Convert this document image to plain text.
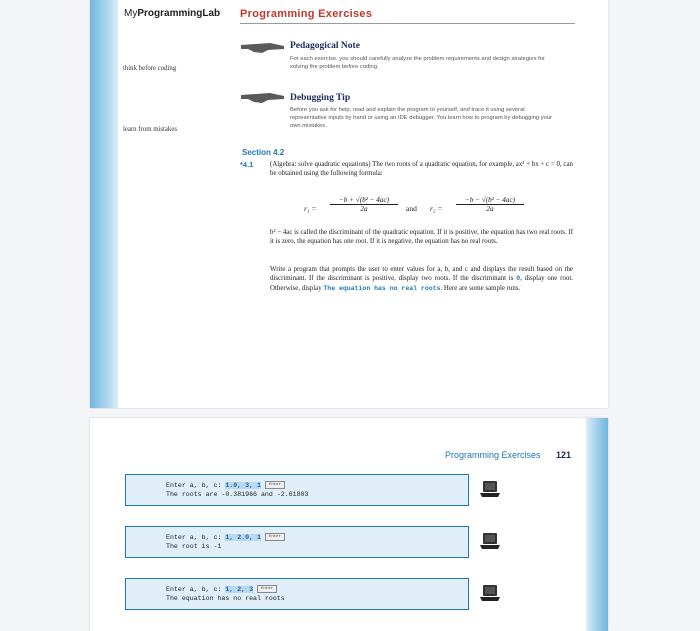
MyProgrammingLab Programming Exercises
Pedagogical Note
For each exercise, you should carefully analyze the problem requirements and design strategies for solving the problem before coding.
think before coding
Debugging Tip
Before you ask for help, read and explain the program to yourself, and trace it using several representative inputs by hand or using an IDE debugger. You learn how to program by debugging your own mistakes.
learn from mistakes
Section 4.2
*4.1 (Algebra: solve quadratic equations) The two roots of a quadratic equation, for example, ax² + bx + c = 0, can be obtained using the following formula:
$r_1 = \frac{\text{−b + √(b² − 4ac)}}{2a}$ and $r_2 = \frac{\text{−b − √(b² − 4ac)}}{2a}$
b² − 4ac is called the discriminant of the quadratic equation. If it is positive, the equation has two real roots. If it is zero, the equation has one root. If it is negative, the equation has no real roots.
Write a program that prompts the user to enter values for a, b, and c and displays the result based on the discriminant. If the discriminant is positive, display two roots. If the discriminant is 0, display one root. Otherwise, display The equation has no real roots. Here are some sample runs.
Programming Exercises 121
Enter a, b, c: 1.0, 3, 1 Enter
The roots are -0.381966 and -2.61803
Enter a, b, c: 1, 2.0, 1 Enter
The root is -1
Enter a, b, c: 1, 2, 3 Enter
The equation has no real roots
